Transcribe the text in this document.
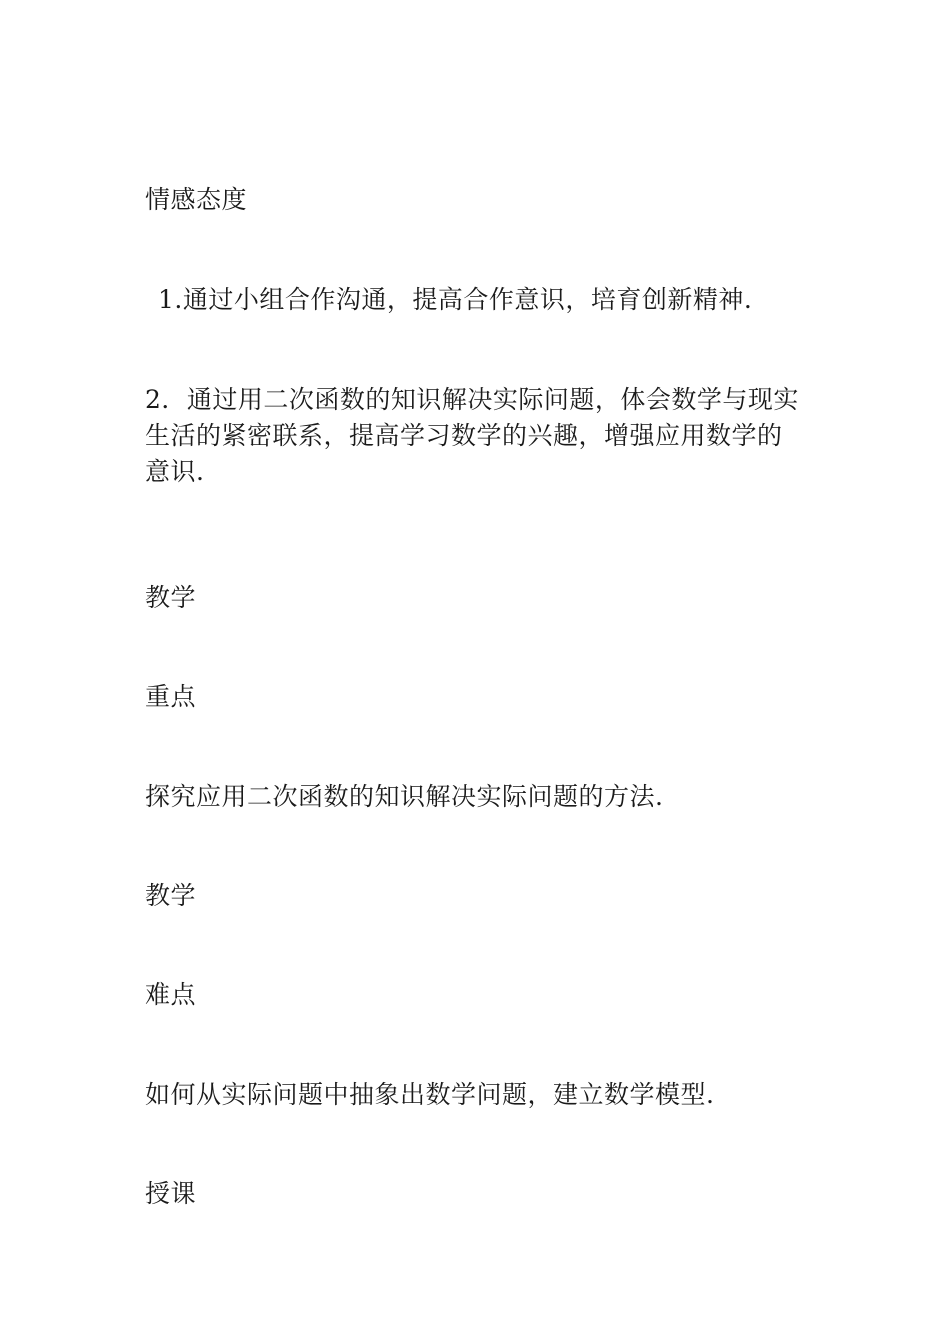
情感态度
1.通过小组合作沟通，提高合作意识，培育创新精神.
2．通过用二次函数的知识解决实际问题，体会数学与现实
生活的紧密联系，提高学习数学的兴趣，增强应用数学的
意识.
教学
重点
探究应用二次函数的知识解决实际问题的方法.
教学
难点
如何从实际问题中抽象出数学问题，建立数学模型.
授课
